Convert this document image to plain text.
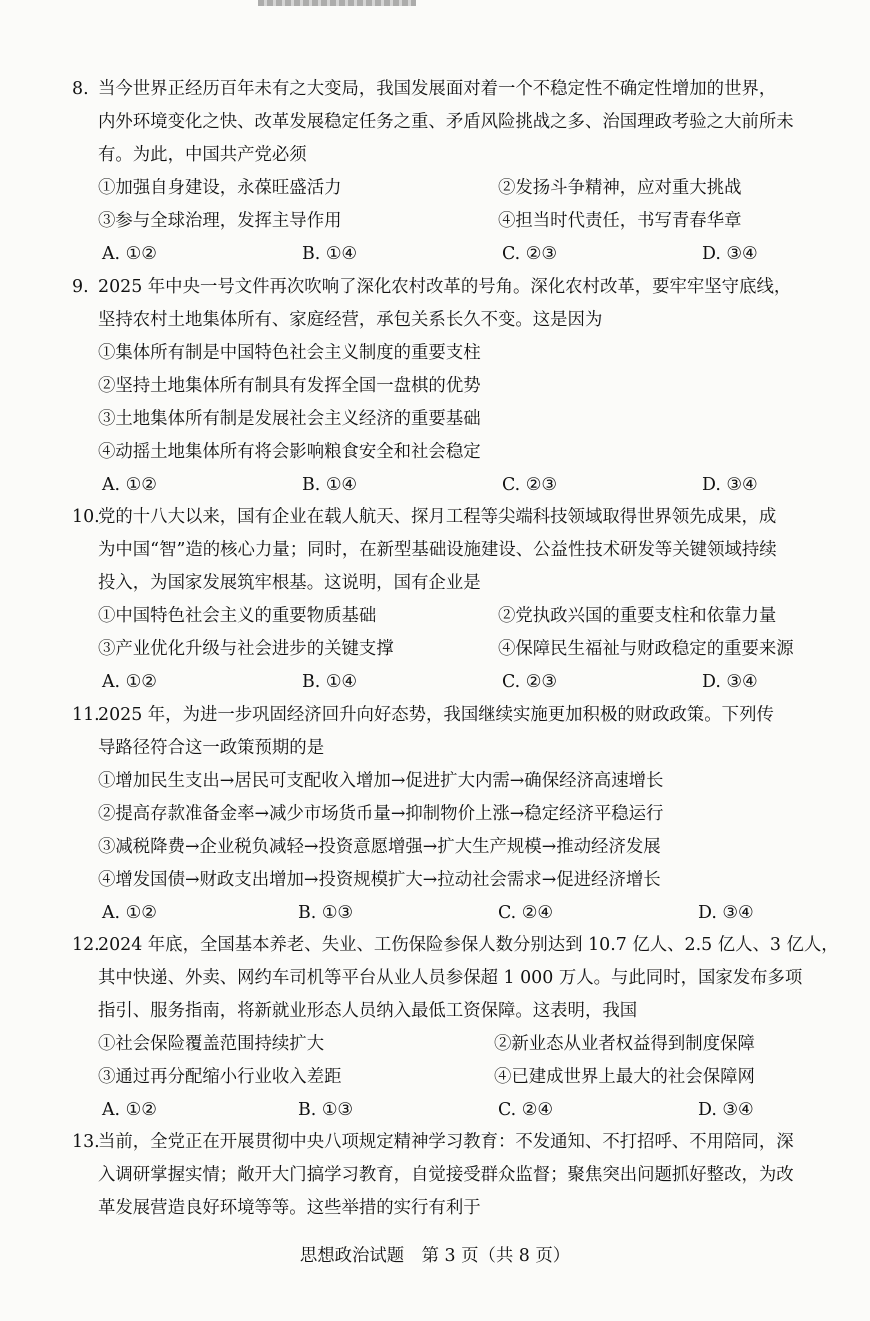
8. 当今世界正经历百年未有之大变局，我国发展面对着一个不稳定性不确定性增加的世界，
内外环境变化之快、改革发展稳定任务之重、矛盾风险挑战之多、治国理政考验之大前所未
有。为此，中国共产党必须
①加强自身建设，永葆旺盛活力	②发扬斗争精神，应对重大挑战
③参与全球治理，发挥主导作用	④担当时代责任，书写青春华章
A. ①②	B. ①④	C. ②③	D. ③④
9. 2025 年中央一号文件再次吹响了深化农村改革的号角。深化农村改革，要牢牢坚守底线，
坚持农村土地集体所有、家庭经营，承包关系长久不变。这是因为
①集体所有制是中国特色社会主义制度的重要支柱
②坚持土地集体所有制具有发挥全国一盘棋的优势
③土地集体所有制是发展社会主义经济的重要基础
④动摇土地集体所有将会影响粮食安全和社会稳定
A. ①②	B. ①④	C. ②③	D. ③④
10.
党的十八大以来，国有企业在载人航天、探月工程等尖端科技领域取得世界领先成果，成
为中国“智”造的核心力量；同时，在新型基础设施建设、公益性技术研发等关键领域持续
投入，为国家发展筑牢根基。这说明，国有企业是
①中国特色社会主义的重要物质基础	②党执政兴国的重要支柱和依靠力量
③产业优化升级与社会进步的关键支撑	④保障民生福祉与财政稳定的重要来源
A. ①②	B. ①④	C. ②③	D. ③④
11.
2025 年，为进一步巩固经济回升向好态势，我国继续实施更加积极的财政政策。下列传
导路径符合这一政策预期的是
①增加民生支出→居民可支配收入增加→促进扩大内需→确保经济高速增长
②提高存款准备金率→减少市场货币量→抑制物价上涨→稳定经济平稳运行
③减税降费→企业税负减轻→投资意愿增强→扩大生产规模→推动经济发展
④增发国债→财政支出增加→投资规模扩大→拉动社会需求→促进经济增长
A. ①②	B. ①③	C. ②④	D. ③④
12.
2024 年底，全国基本养老、失业、工伤保险参保人数分别达到 10.7 亿人、2.5 亿人、3 亿人，
其中快递、外卖、网约车司机等平台从业人员参保超 1 000 万人。与此同时，国家发布多项
指引、服务指南，将新就业形态人员纳入最低工资保障。这表明，我国
①社会保险覆盖范围持续扩大	②新业态从业者权益得到制度保障
③通过再分配缩小行业收入差距	④已建成世界上最大的社会保障网
A. ①②	B. ①③	C. ②④	D. ③④
13.
当前，全党正在开展贯彻中央八项规定精神学习教育：不发通知、不打招呼、不用陪同，深
入调研掌握实情；敞开大门搞学习教育，自觉接受群众监督；聚焦突出问题抓好整改，为改
革发展营造良好环境等等。这些举措的实行有利于
思想政治试题　第 3 页（共 8 页）
